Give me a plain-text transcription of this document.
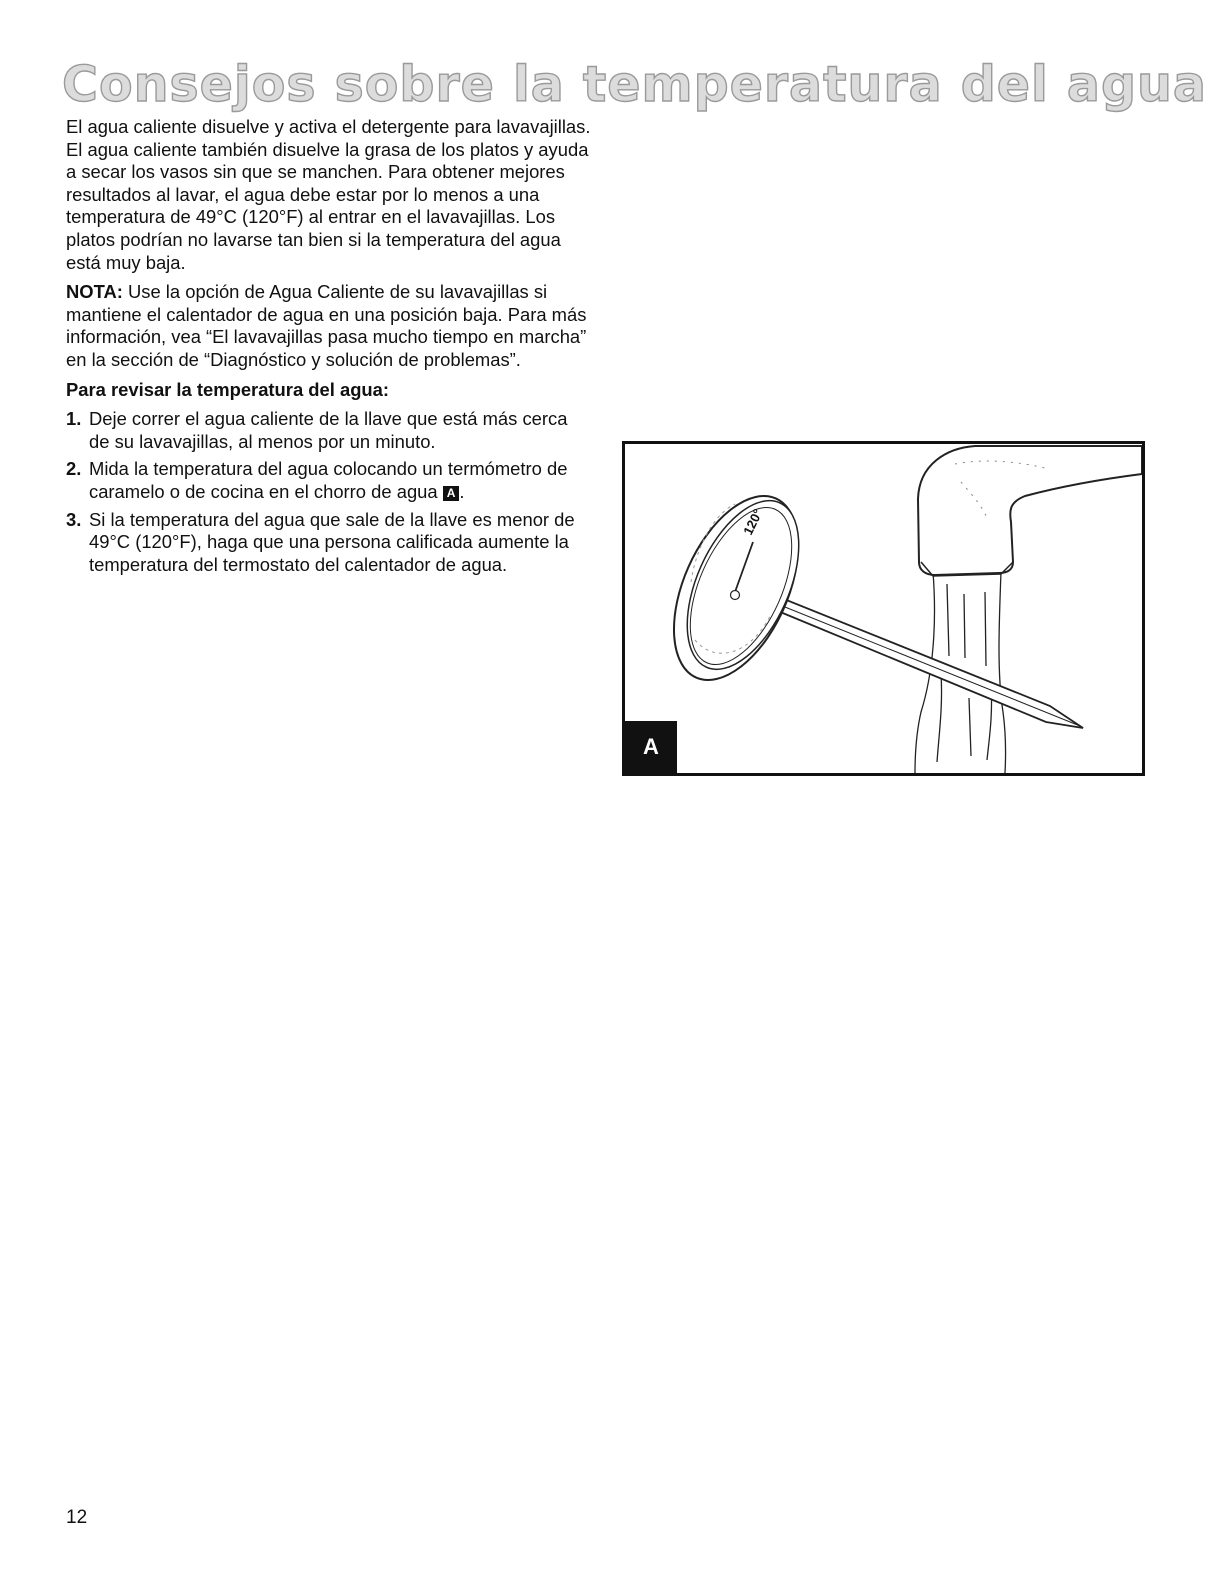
Consejos sobre la temperatura del agua

El agua caliente disuelve y activa el detergente para lavavajillas. El agua caliente también disuelve la grasa de los platos y ayuda a secar los vasos sin que se manchen. Para obtener mejores resultados al lavar, el agua debe estar por lo menos a una temperatura de 49°C (120°F) al entrar en el lavavajillas. Los platos podrían no lavarse tan bien si la temperatura del agua está muy baja.

NOTA: Use la opción de Agua Caliente de su lavavajillas si mantiene el calentador de agua en una posición baja. Para más información, vea “El lavavajillas pasa mucho tiempo en marcha” en la sección de “Diagnóstico y solución de problemas”.

Para revisar la temperatura del agua:

1. Deje correr el agua caliente de la llave que está más cerca de su lavavajillas, al menos por un minuto.
2. Mida la temperatura del agua colocando un termómetro de caramelo o de cocina en el chorro de agua A .
3. Si la temperatura del agua que sale de la llave es menor de 49°C (120°F), haga que una persona calificada aumente la temperatura del termostato del calentador de agua.
120°
A
12
